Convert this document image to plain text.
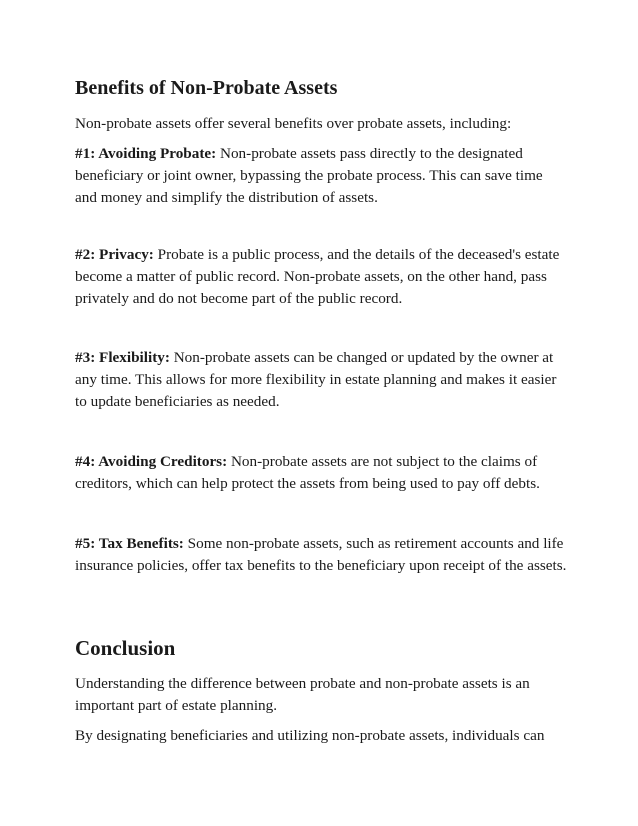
Benefits of Non-Probate Assets

Non-probate assets offer several benefits over probate assets, including:

#1: Avoiding Probate: Non-probate assets pass directly to the designated beneficiary or joint owner, bypassing the probate process. This can save time and money and simplify the distribution of assets.

#2: Privacy: Probate is a public process, and the details of the deceased's estate become a matter of public record. Non-probate assets, on the other hand, pass privately and do not become part of the public record.

#3: Flexibility: Non-probate assets can be changed or updated by the owner at any time. This allows for more flexibility in estate planning and makes it easier to update beneficiaries as needed.

#4: Avoiding Creditors: Non-probate assets are not subject to the claims of creditors, which can help protect the assets from being used to pay off debts.

#5: Tax Benefits: Some non-probate assets, such as retirement accounts and life insurance policies, offer tax benefits to the beneficiary upon receipt of the assets.

Conclusion

Understanding the difference between probate and non-probate assets is an important part of estate planning.

By designating beneficiaries and utilizing non-probate assets, individuals can
